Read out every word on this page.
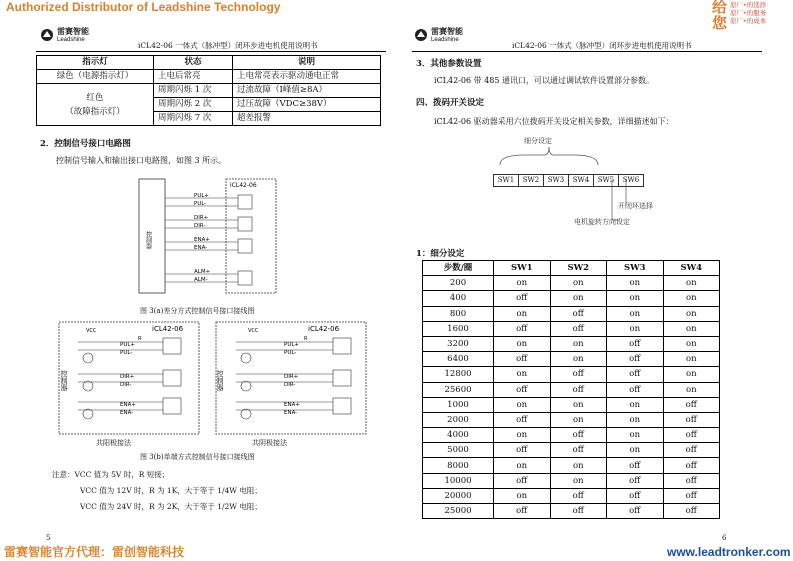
Authorized Distributor of Leadshine Technology	给
您
原厂+的选择
原厂+的服务
原厂+的成本
雷赛智能
Leadshine
iCL42-06 一体式（脉冲型）闭环步进电机使用说明书
指示灯	状态	说明
绿色（电源指示灯）	上电后常亮	上电常亮表示驱动通电正常

红色
（故障指示灯）	周期闪烁 1 次	过流故障（I峰值≥8A）
	周期闪烁 2 次	过压故障（VDC≥38V）
	周期闪烁 7 次	超差报警
2．控制信号接口电路图
控制信号输入和输出接口电路图，如图 3 所示。
iCL42-06
控制器
PUL+
PUL-
DIR+
DIR-
ENA+
ENA-
ALM+
ALM-
图 3(a)差分方式控制信号接口接线图
控制器	控制器
iCL42-06	iCL42-06
VCC	VCC
R	R
PUL+
PUL-
DIR+
DIR-
ENA+
ENA-
PUL+
PUL-
DIR+
DIR-
ENA+
ENA-
共阳极接法	共阴极接法
图 3(b)单端方式控制信号接口接线图
注意：VCC 值为 5V 时，R 短接；
VCC 值为 12V 时，R 为 1K，大于等于 1/4W 电阻；
VCC 值为 24V 时，R 为 2K，大于等于 1/2W 电阻；
5
雷赛智能
Leadshine
iCL42-06 一体式（脉冲型）闭环步进电机使用说明书
3．其他参数设置
iCL42-06 带 485 通讯口，可以通过调试软件设置部分参数。
四、拨码开关设定
iCL42-06 驱动器采用六位拨码开关设定相关参数，详细描述如下：
细分设定
SW1 SW2 SW3 SW4 SW5 SW6
开闭环选择
电机旋转方向设定
1：细分设定
步数/圈	SW1	SW2	SW3	SW4
200	on	on	on	on
400	off	on	on	on
800	on	off	on	on
1600	off	off	on	on
3200	on	on	off	on
6400	off	on	off	on
12800	on	off	off	on
25600	off	off	off	on
1000	on	on	on	off
2000	off	on	on	off
4000	on	off	on	off
5000	off	off	on	off
8000	on	on	off	off
10000	off	on	off	off
20000	on	off	off	off
25000	off	off	off	off
6
雷赛智能官方代理：雷创智能科技	www.leadtronker.com
